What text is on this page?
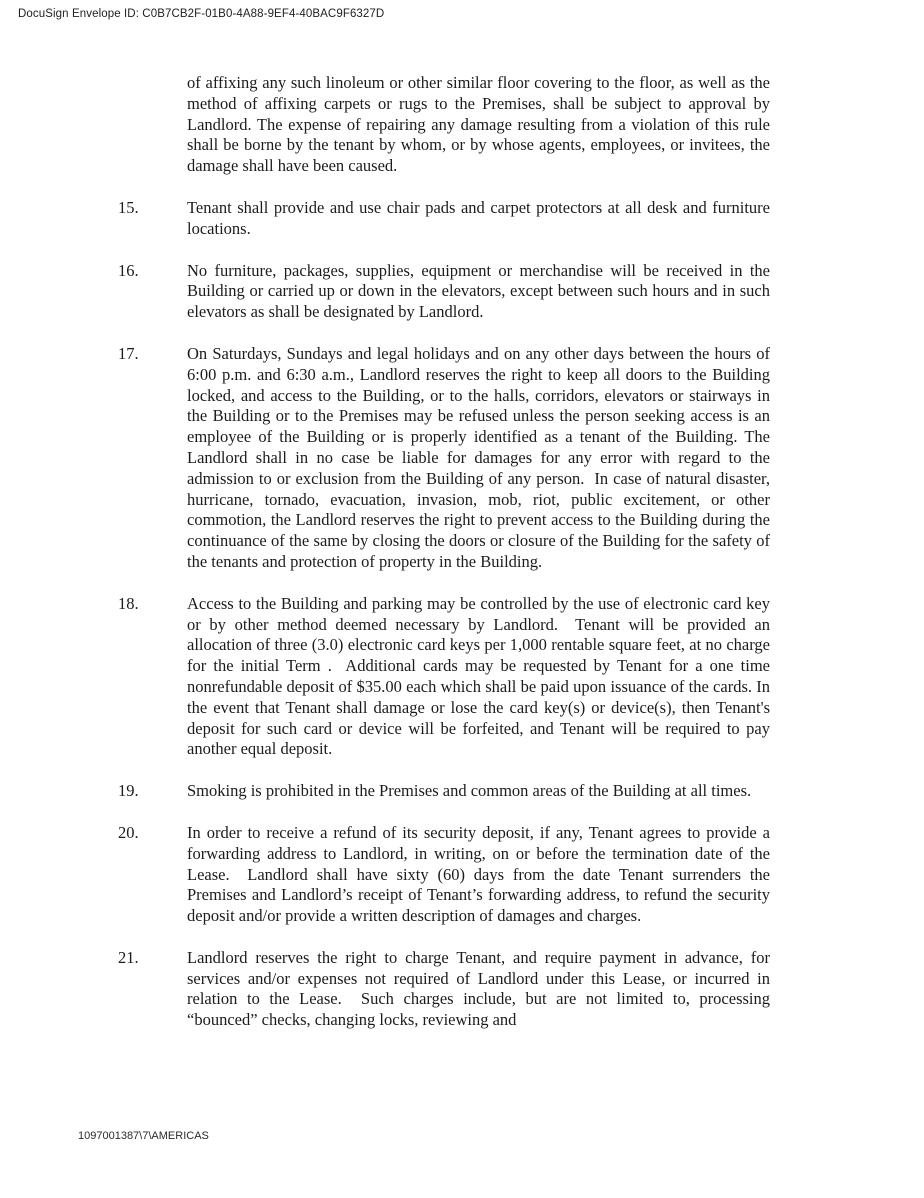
DocuSign Envelope ID: C0B7CB2F-01B0-4A88-9EF4-40BAC9F6327D

of affixing any such linoleum or other similar floor covering to the floor, as well as the method of affixing carpets or rugs to the Premises, shall be subject to approval by Landlord. The expense of repairing any damage resulting from a violation of this rule shall be borne by the tenant by whom, or by whose agents, employees, or invitees, the damage shall have been caused.

15.	Tenant shall provide and use chair pads and carpet protectors at all desk and furniture locations.

16.	No furniture, packages, supplies, equipment or merchandise will be received in the Building or carried up or down in the elevators, except between such hours and in such elevators as shall be designated by Landlord.

17.	On Saturdays, Sundays and legal holidays and on any other days between the hours of 6:00 p.m. and 6:30 a.m., Landlord reserves the right to keep all doors to the Building locked, and access to the Building, or to the halls, corridors, elevators or stairways in the Building or to the Premises may be refused unless the person seeking access is an employee of the Building or is properly identified as a tenant of the Building. The Landlord shall in no case be liable for damages for any error with regard to the admission to or exclusion from the Building of any person.  In case of natural disaster, hurricane, tornado, evacuation, invasion, mob, riot, public excitement, or other commotion, the Landlord reserves the right to prevent access to the Building during the continuance of the same by closing the doors or closure of the Building for the safety of the tenants and protection of property in the Building.

18.	Access to the Building and parking may be controlled by the use of electronic card key or by other method deemed necessary by Landlord.  Tenant will be provided an allocation of three (3.0) electronic card keys per 1,000 rentable square feet, at no charge for the initial Term .  Additional cards may be requested by Tenant for a one time nonrefundable deposit of $35.00 each which shall be paid upon issuance of the cards. In the event that Tenant shall damage or lose the card key(s) or device(s), then Tenant's deposit for such card or device will be forfeited, and Tenant will be required to pay another equal deposit.

19.	Smoking is prohibited in the Premises and common areas of the Building at all times.

20.	In order to receive a refund of its security deposit, if any, Tenant agrees to provide a forwarding address to Landlord, in writing, on or before the termination date of the Lease.  Landlord shall have sixty (60) days from the date Tenant surrenders the Premises and Landlord’s receipt of Tenant’s forwarding address, to refund the security deposit and/or provide a written description of damages and charges.

21.	Landlord reserves the right to charge Tenant, and require payment in advance, for services and/or expenses not required of Landlord under this Lease, or incurred in relation to the Lease.  Such charges include, but are not limited to, processing “bounced” checks, changing locks, reviewing and

1097001387\7\AMERICAS
